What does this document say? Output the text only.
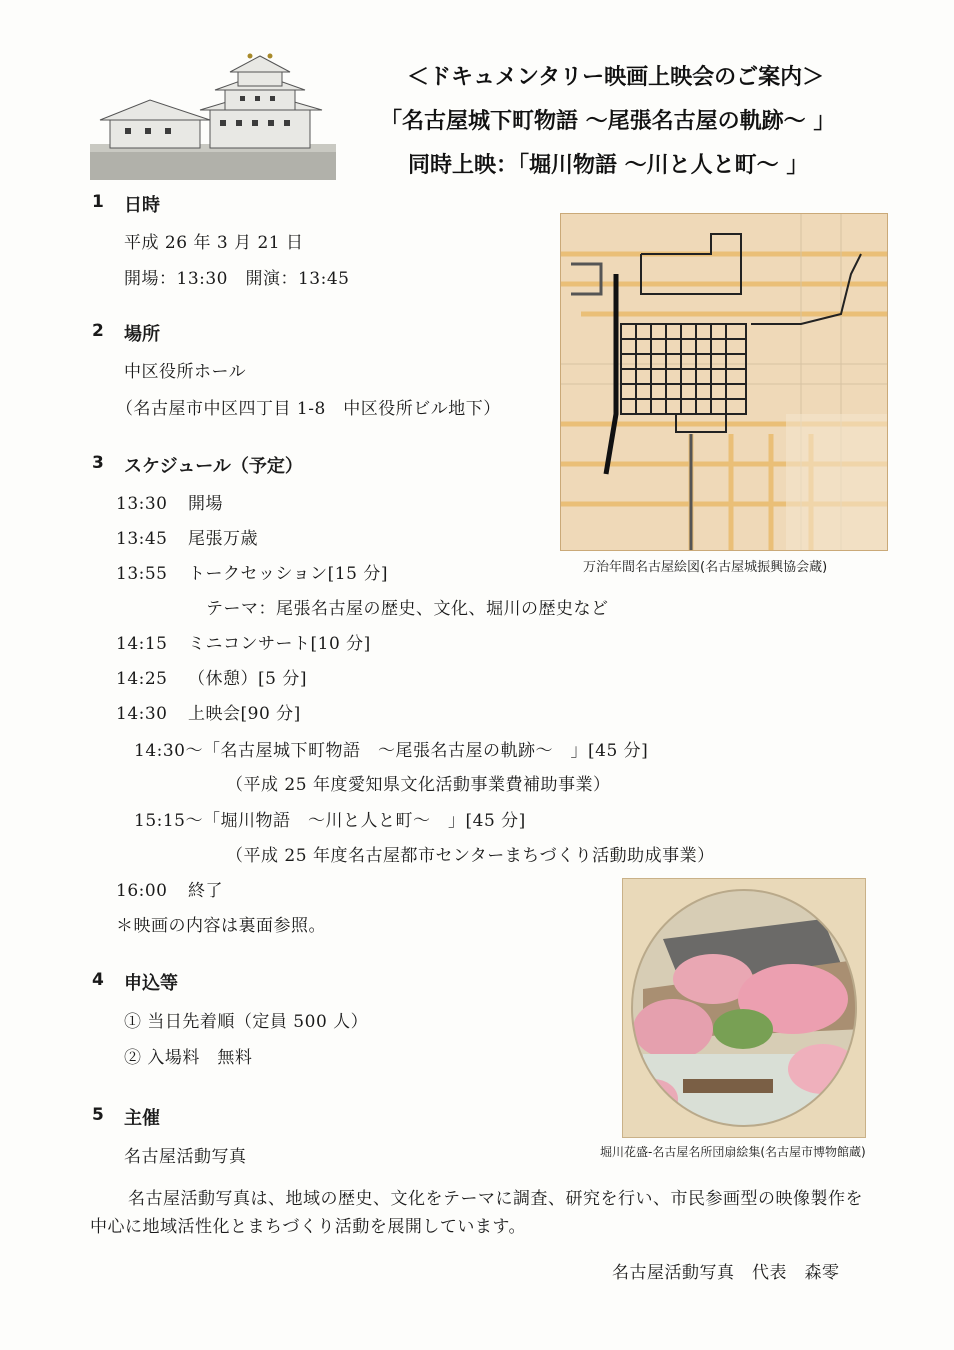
＜ドキュメンタリー映画上映会のご案内＞
「名古屋城下町物語 ～尾張名古屋の軌跡～ 」
同時上映：「堀川物語 ～川と人と町～ 」
1 日時
平成 26 年 3 月 21 日
開場：13:30　開演：13:45
2 場所
中区役所ホール
（名古屋市中区四丁目 1-8　中区役所ビル地下）
3 スケジュール（予定）
13:30 開場
13:45 尾張万歳
13:55 トークセッション[15 分]
テーマ：尾張名古屋の歴史、文化、堀川の歴史など
14:15 ミニコンサート[10 分]
14:25 （休憩）[5 分]
14:30 上映会[90 分]
14:30～「名古屋城下町物語　～尾張名古屋の軌跡～　」[45 分]
（平成 25 年度愛知県文化活動事業費補助事業）
15:15～「堀川物語　～川と人と町～　」[45 分]
（平成 25 年度名古屋都市センターまちづくり活動助成事業）
16:00 終了
＊映画の内容は裏面参照。
4 申込等
① 当日先着順（定員 500 人）
② 入場料　無料
5 主催
名古屋活動写真
名古屋活動写真は、地域の歴史、文化をテーマに調査、研究を行い、市民参画型の映像製作を中心に地域活性化とまちづくり活動を展開しています。
名古屋活動写真　代表　森零
万治年間名古屋絵図(名古屋城振興協会蔵)
堀川花盛-名古屋名所団扇絵集(名古屋市博物館蔵)
